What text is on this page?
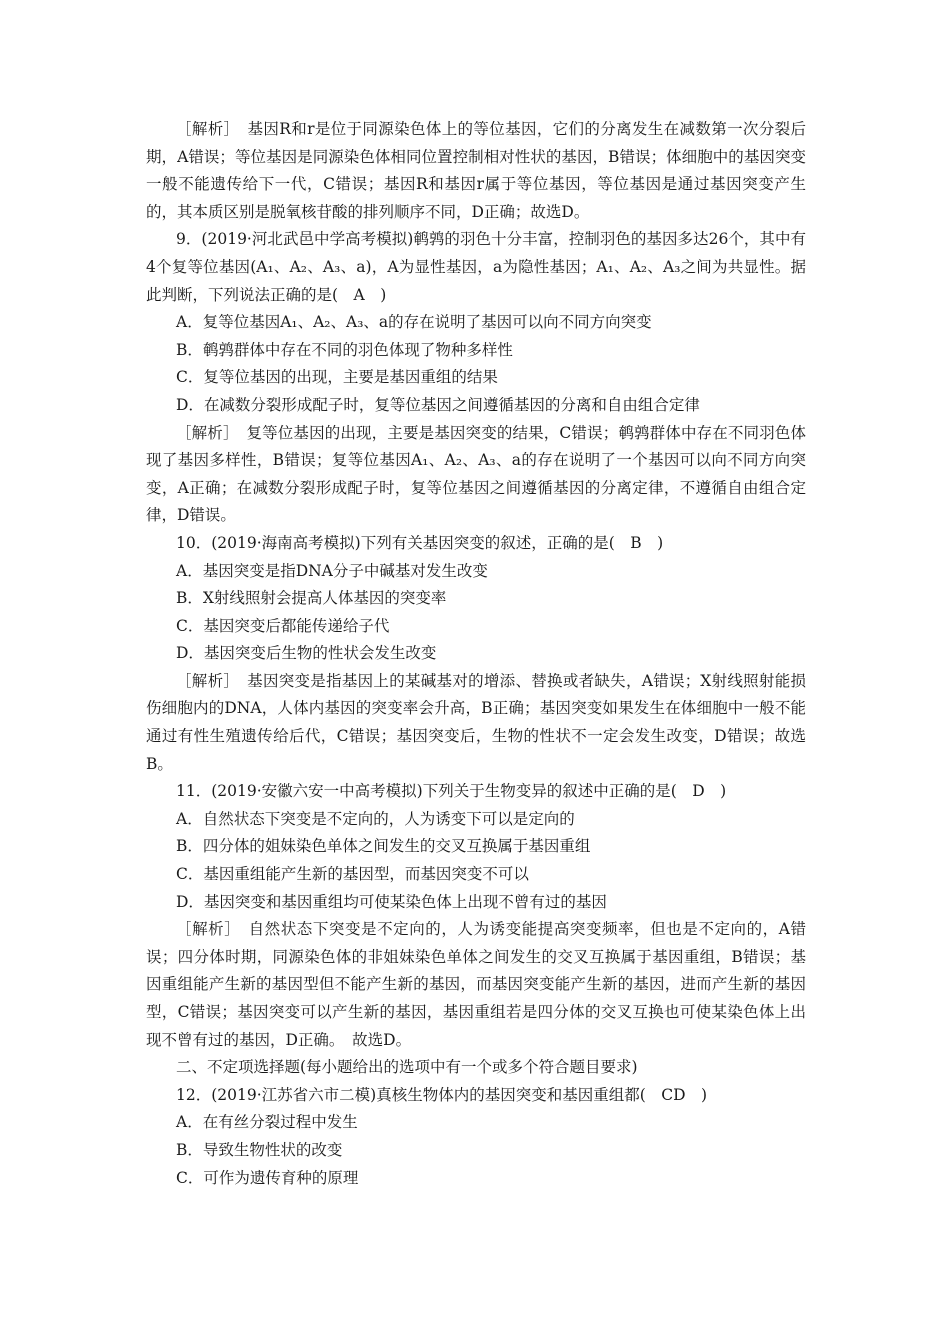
［解析］　基因R和r是位于同源染色体上的等位基因，它们的分离发生在减数第一次分裂后期，A错误；等位基因是同源染色体相同位置控制相对性状的基因，B错误；体细胞中的基因突变一般不能遗传给下一代，C错误；基因R和基因r属于等位基因，等位基因是通过基因突变产生的，其本质区别是脱氧核苷酸的排列顺序不同，D正确；故选D。

9．(2019·河北武邑中学高考模拟)鹌鹑的羽色十分丰富，控制羽色的基因多达26个，其中有4个复等位基因(A₁、A₂、A₃、a)，A为显性基因，a为隐性基因；A₁、A₂、A₃之间为共显性。据此判断，下列说法正确的是(　A　)

A．复等位基因A₁、A₂、A₃、a的存在说明了基因可以向不同方向突变

B．鹌鹑群体中存在不同的羽色体现了物种多样性

C．复等位基因的出现，主要是基因重组的结果

D．在减数分裂形成配子时，复等位基因之间遵循基因的分离和自由组合定律

［解析］　复等位基因的出现，主要是基因突变的结果，C错误；鹌鹑群体中存在不同羽色体现了基因多样性，B错误；复等位基因A₁、A₂、A₃、a的存在说明了一个基因可以向不同方向突变，A正确；在减数分裂形成配子时，复等位基因之间遵循基因的分离定律，不遵循自由组合定律，D错误。

10．(2019·海南高考模拟)下列有关基因突变的叙述，正确的是(　B　)

A．基因突变是指DNA分子中碱基对发生改变

B．X射线照射会提高人体基因的突变率

C．基因突变后都能传递给子代

D．基因突变后生物的性状会发生改变

［解析］　基因突变是指基因上的某碱基对的增添、替换或者缺失，A错误；X射线照射能损伤细胞内的DNA，人体内基因的突变率会升高，B正确；基因突变如果发生在体细胞中一般不能通过有性生殖遗传给后代，C错误；基因突变后，生物的性状不一定会发生改变，D错误；故选B。

11．(2019·安徽六安一中高考模拟)下列关于生物变异的叙述中正确的是(　D　)

A．自然状态下突变是不定向的，人为诱变下可以是定向的

B．四分体的姐妹染色单体之间发生的交叉互换属于基因重组

C．基因重组能产生新的基因型，而基因突变不可以

D．基因突变和基因重组均可使某染色体上出现不曾有过的基因

［解析］　自然状态下突变是不定向的，人为诱变能提高突变频率，但也是不定向的，A错误；四分体时期，同源染色体的非姐妹染色单体之间发生的交叉互换属于基因重组，B错误；基因重组能产生新的基因型但不能产生新的基因，而基因突变能产生新的基因，进而产生新的基因型，C错误；基因突变可以产生新的基因，基因重组若是四分体的交叉互换也可使某染色体上出现不曾有过的基因，D正确。　故选D。

二、不定项选择题(每小题给出的选项中有一个或多个符合题目要求)

12．(2019·江苏省六市二模)真核生物体内的基因突变和基因重组都(　CD　)

A．在有丝分裂过程中发生

B．导致生物性状的改变

C．可作为遗传育种的原理
